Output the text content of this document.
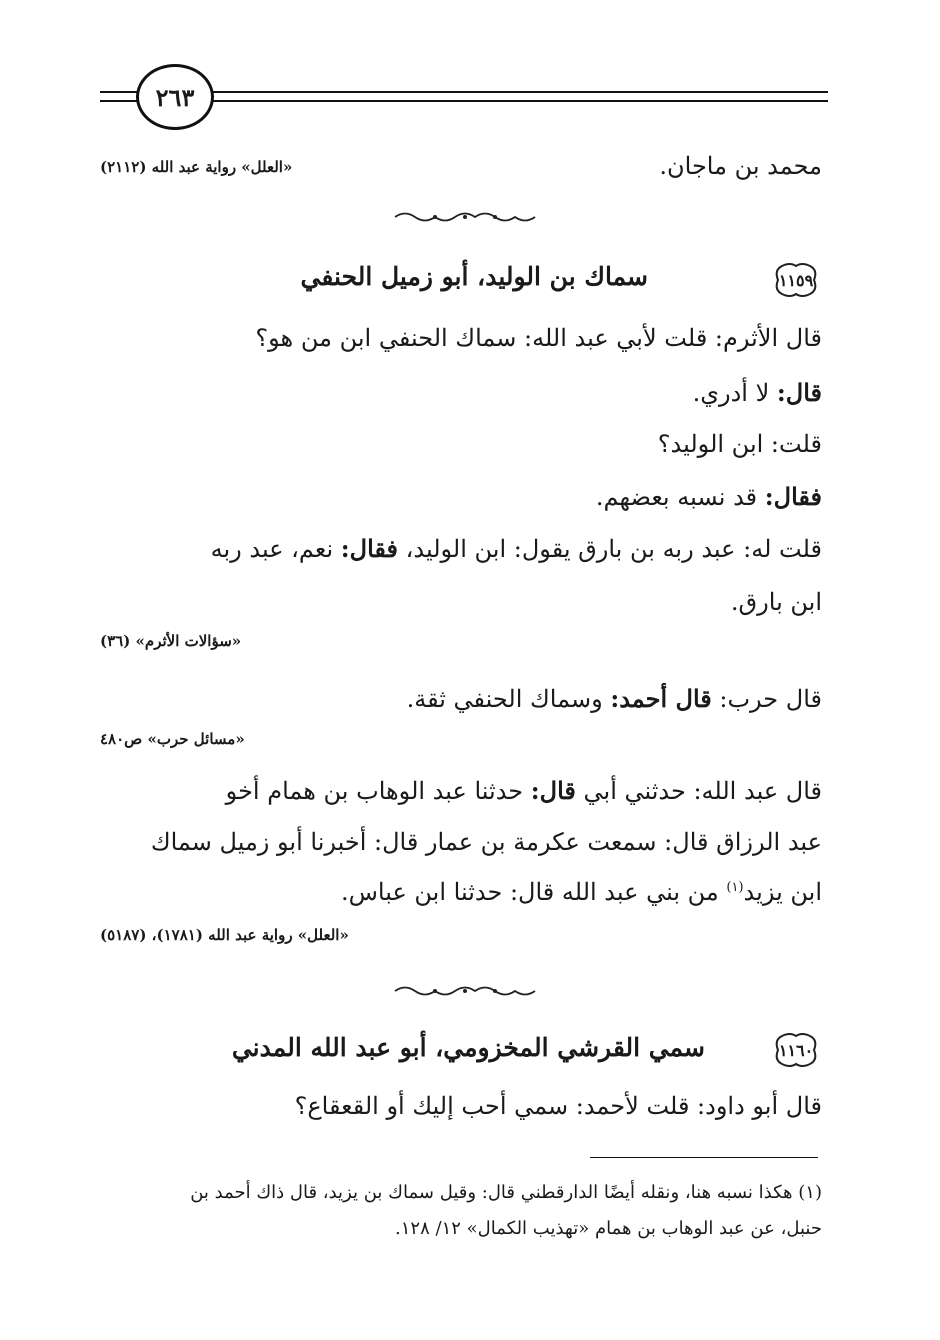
٢٦٣
محمد بن ماجان.
«العلل» رواية عبد الله (٢١١٢)
١١٥٩
سماك بن الوليد، أبو زميل الحنفي
قال الأثرم: قلت لأبي عبد الله: سماك الحنفي ابن من هو؟
قال: لا أدري.
قلت: ابن الوليد؟
فقال: قد نسبه بعضهم.
قلت له: عبد ربه بن بارق يقول: ابن الوليد، فقال: نعم، عبد ربه
ابن بارق.
«سؤالات الأثرم» (٣٦)
قال حرب: قال أحمد: وسماك الحنفي ثقة.
«مسائل حرب» ص٤٨٠
قال عبد الله: حدثني أبي قال: حدثنا عبد الوهاب بن همام أخو
عبد الرزاق قال: سمعت عكرمة بن عمار قال: أخبرنا أبو زميل سماك
ابن يزيد$^{(١)}$ من بني عبد الله قال: حدثنا ابن عباس.
«العلل» رواية عبد الله (١٧٨١)، (٥١٨٧)
١١٦٠
سمي القرشي المخزومي، أبو عبد الله المدني
قال أبو داود: قلت لأحمد: سمي أحب إليك أو القعقاع؟
(١) هكذا نسبه هنا، ونقله أيضًا الدارقطني قال: وقيل سماك بن يزيد، قال ذاك أحمد بن
حنبل، عن عبد الوهاب بن همام «تهذيب الكمال» ١٢/ ١٢٨.
